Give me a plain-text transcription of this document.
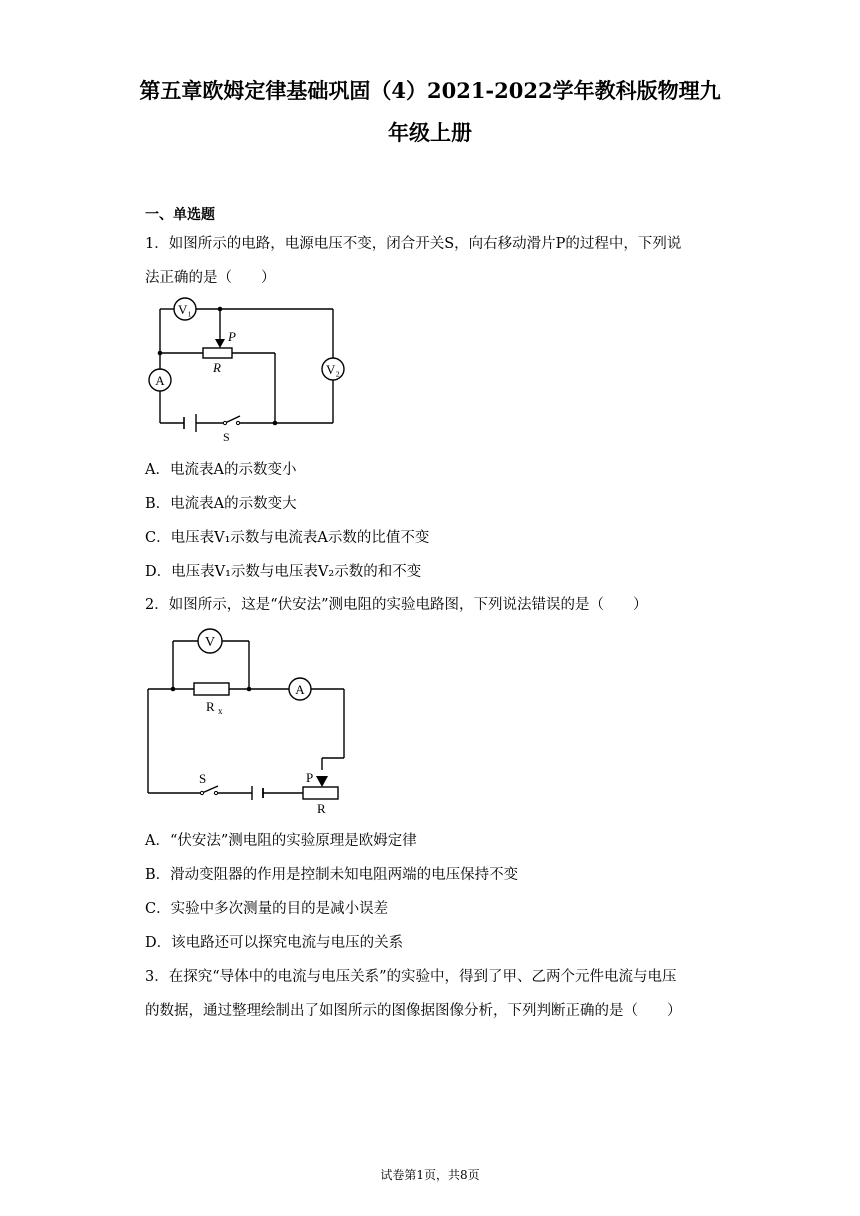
第五章欧姆定律基础巩固（4）2021-2022学年教科版物理九
年级上册
一、单选题
1．如图所示的电路，电源电压不变，闭合开关S，向右移动滑片P的过程中，下列说
法正确的是（　　）
V₁
V₂
A
P
R
S
A．电流表A的示数变小
B．电流表A的示数变大
C．电压表V₁示数与电流表A示数的比值不变
D．电压表V₁示数与电压表V₂示数的和不变
2．如图所示，这是“伏安法”测电阻的实验电路图，下列说法错误的是（　　）
V
A
R x
S	P
R
A．“伏安法”测电阻的实验原理是欧姆定律
B．滑动变阻器的作用是控制未知电阻两端的电压保持不变
C．实验中多次测量的目的是减小误差
D．该电路还可以探究电流与电压的关系
3．在探究“导体中的电流与电压关系”的实验中，得到了甲、乙两个元件电流与电压
的数据，通过整理绘制出了如图所示的图像据图像分析，下列判断正确的是（　　）
试卷第1页，共8页
